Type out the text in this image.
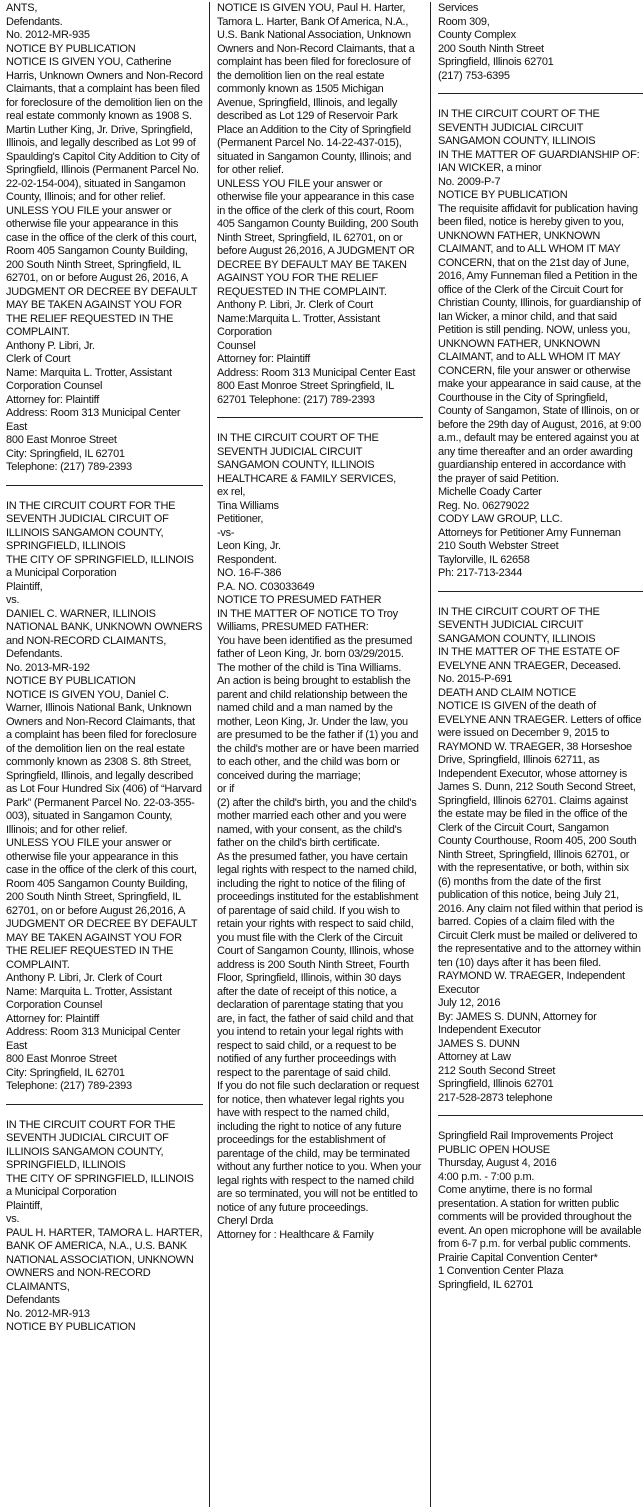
ANTS,
Defendants.
No. 2012-MR-935
NOTICE BY PUBLICATION
NOTICE IS GIVEN YOU, Catherine Harris, Unknown Owners and Non-Record Claimants, that a complaint has been filed for foreclosure of the demolition lien on the real estate commonly known as 1908 S. Martin Luther King, Jr. Drive, Springfield, Illinois, and legally described as Lot 99 of Spaulding's Capitol City Addition to City of Springfield, Illinois (Permanent Parcel No. 22-02-154-004), situated in Sangamon County, Illinois; and for other relief.
UNLESS YOU FILE your answer or otherwise file your appearance in this case in the office of the clerk of this court, Room 405 Sangamon County Building, 200 South Ninth Street, Springfield, IL 62701, on or before August 26, 2016, A JUDGMENT OR DECREE BY DEFAULT MAY BE TAKEN AGAINST YOU FOR THE RELIEF REQUESTED IN THE COMPLAINT.
Anthony P. Libri, Jr.
Clerk of Court
Name: Marquita L. Trotter, Assistant Corporation Counsel
Attorney for: Plaintiff
Address: Room 313 Municipal Center East
800 East Monroe Street
City: Springfield, IL 62701
Telephone: (217) 789-2393
IN THE CIRCUIT COURT FOR THE SEVENTH JUDICIAL CIRCUIT OF ILLINOIS SANGAMON COUNTY, SPRINGFIELD, ILLINOIS
THE CITY OF SPRINGFIELD, ILLINOIS
a Municipal Corporation
Plaintiff,
vs.
DANIEL C. WARNER, ILLINOIS NATIONAL BANK, UNKNOWN OWNERS and NON-RECORD CLAIMANTS,
Defendants.
No. 2013-MR-192
NOTICE BY PUBLICATION
NOTICE IS GIVEN YOU, Daniel C. Warner, Illinois National Bank, Unknown Owners and Non-Record Claimants, that a complaint has been filed for foreclosure of the demolition lien on the real estate commonly known as 2308 S. 8th Street, Springfield, Illinois, and legally described as Lot Four Hundred Six (406) of “Harvard Park” (Permanent Parcel No. 22-03-355-003), situated in Sangamon County, Illinois; and for other relief.
UNLESS YOU FILE your answer or otherwise file your appearance in this case in the office of the clerk of this court, Room 405 Sangamon County Building, 200 South Ninth Street, Springfield, IL 62701, on or before August 26,2016, A JUDGMENT OR DECREE BY DEFAULT MAY BE TAKEN AGAINST YOU FOR THE RELIEF REQUESTED IN THE COMPLAINT.
Anthony P. Libri, Jr. Clerk of Court
Name: Marquita L. Trotter, Assistant Corporation Counsel
Attorney for: Plaintiff
Address: Room 313 Municipal Center East
800 East Monroe Street
City: Springfield, IL 62701
Telephone: (217) 789-2393
IN THE CIRCUIT COURT FOR THE SEVENTH JUDICIAL CIRCUIT OF ILLINOIS SANGAMON COUNTY, SPRINGFIELD, ILLINOIS
THE CITY OF SPRINGFIELD, ILLINOIS
a Municipal Corporation
Plaintiff,
vs.
PAUL H. HARTER, TAMORA L. HARTER, BANK OF AMERICA, N.A., U.S. BANK NATIONAL ASSOCIATION, UNKNOWN OWNERS and NON-RECORD CLAIMANTS,
Defendants
No. 2012-MR-913
NOTICE BY PUBLICATION
NOTICE IS GIVEN YOU, Paul H. Harter, Tamora L. Harter, Bank Of America, N.A., U.S. Bank National Association, Unknown Owners and Non-Record Claimants, that a complaint has been filed for foreclosure of the demolition lien on the real estate commonly known as 1505 Michigan Avenue, Springfield, Illinois, and legally described as Lot 129 of Reservoir Park Place an Addition to the City of Springfield (Permanent Parcel No. 14-22-437-015), situated in Sangamon County, Illinois; and for other relief.
UNLESS YOU FILE your answer or otherwise file your appearance in this case in the office of the clerk of this court, Room 405 Sangamon County Building, 200 South Ninth Street, Springfield, IL 62701, on or before August 26,2016, A JUDGMENT OR DECREE BY DEFAULT MAY BE TAKEN AGAINST YOU FOR THE RELIEF REQUESTED IN THE COMPLAINT.
Anthony P. Libri, Jr. Clerk of Court
Name:Marquita L. Trotter, Assistant Corporation
Counsel
Attorney for: Plaintiff
Address: Room 313 Municipal Center East
800 East Monroe Street Springfield, IL 62701 Telephone: (217) 789-2393
IN THE CIRCUIT COURT OF THE SEVENTH JUDICIAL CIRCUIT
SANGAMON COUNTY, ILLINOIS
HEALTHCARE & FAMILY SERVICES,
ex rel,
Tina Williams
Petitioner,
-vs-
Leon King, Jr.
Respondent.
NO. 16-F-386
P.A. NO. C03033649
NOTICE TO PRESUMED FATHER
IN THE MATTER OF NOTICE TO Troy Williams, PRESUMED FATHER:
You have been identified as the presumed father of Leon King, Jr. born 03/29/2015. The mother of the child is Tina Williams.
An action is being brought to establish the parent and child relationship between the named child and a man named by the mother, Leon King, Jr. Under the law, you are presumed to be the father if (1) you and the child's mother are or have been married to each other, and the child was born or conceived during the marriage;
or if
(2) after the child's birth, you and the child's mother married each other and you were named, with your consent, as the child's father on the child's birth certificate.
As the presumed father, you have certain legal rights with respect to the named child, including the right to notice of the filing of proceedings instituted for the establishment of parentage of said child. If you wish to retain your rights with respect to said child, you must file with the Clerk of the Circuit Court of Sangamon County, Illinois, whose address is 200 South Ninth Street, Fourth Floor, Springfield, Illinois, within 30 days after the date of receipt of this notice, a declaration of parentage stating that you are, in fact, the father of said child and that you intend to retain your legal rights with respect to said child, or a request to be notified of any further proceedings with respect to the parentage of said child.
If you do not file such declaration or request for notice, then whatever legal rights you have with respect to the named child, including the right to notice of any future proceedings for the establishment of parentage of the child, may be terminated without any further notice to you. When your legal rights with respect to the named child are so terminated, you will not be entitled to notice of any future proceedings.
Cheryl Drda
Attorney for : Healthcare & Family
Services
Room 309,
County Complex
200 South Ninth Street
Springfield, Illinois 62701
(217) 753-6395
IN THE CIRCUIT COURT OF THE SEVENTH JUDICIAL CIRCUIT
SANGAMON COUNTY, ILLINOIS
IN THE MATTER OF GUARDIANSHIP OF: IAN WICKER, a minor
No. 2009-P-7
NOTICE BY PUBLICATION
The requisite affidavit for publication having been filed, notice is hereby given to you, UNKNOWN FATHER, UNKNOWN CLAIMANT, and to ALL WHOM IT MAY CONCERN, that on the 21st day of June, 2016, Amy Funneman filed a Petition in the office of the Clerk of the Circuit Court for Christian County, Illinois, for guardianship of Ian Wicker, a minor child, and that said Petition is still pending. NOW, unless you, UNKNOWN FATHER, UNKNOWN CLAIMANT, and to ALL WHOM IT MAY CONCERN, file your answer or otherwise make your appearance in said cause, at the Courthouse in the City of Springfield, County of Sangamon, State of Illinois, on or before the 29th day of August, 2016, at 9:00 a.m., default may be entered against you at any time thereafter and an order awarding guardianship entered in accordance with the prayer of said Petition.
Michelle Coady Carter
Reg. No. 06279022
CODY LAW GROUP, LLC.
Attorneys for Petitioner Amy Funneman
210 South Webster Street
Taylorville, IL 62658
Ph: 217-713-2344
IN THE CIRCUIT COURT OF THE SEVENTH JUDICIAL CIRCUIT
SANGAMON COUNTY, ILLINOIS
IN THE MATTER OF THE ESTATE OF EVELYNE ANN TRAEGER, Deceased.
No. 2015-P-691
DEATH AND CLAIM NOTICE
NOTICE IS GIVEN of the death of EVELYNE ANN TRAEGER. Letters of office were issued on December 9, 2015 to RAYMOND W. TRAEGER, 38 Horseshoe Drive, Springfield, Illinois 62711, as Independent Executor, whose attorney is James S. Dunn, 212 South Second Street, Springfield, Illinois 62701. Claims against the estate may be filed in the office of the Clerk of the Circuit Court, Sangamon County Courthouse, Room 405, 200 South Ninth Street, Springfield, Illinois 62701, or with the representative, or both, within six (6) months from the date of the first publication of this notice, being July 21, 2016. Any claim not filed within that period is barred. Copies of a claim filed with the Circuit Clerk must be mailed or delivered to the representative and to the attorney within ten (10) days after it has been filed.
RAYMOND W. TRAEGER, Independent Executor
July 12, 2016
By: JAMES S. DUNN, Attorney for Independent Executor
JAMES S. DUNN
Attorney at Law
212 South Second Street
Springfield, Illinois 62701
217-528-2873 telephone
Springfield Rail Improvements Project
PUBLIC OPEN HOUSE
Thursday, August 4, 2016
4:00 p.m. - 7:00 p.m.
Come anytime, there is no formal presentation. A station for written public comments will be provided throughout the event. An open microphone will be available from 6-7 p.m. for verbal public comments.
Prairie Capital Convention Center*
1 Convention Center Plaza
Springfield, IL 62701
